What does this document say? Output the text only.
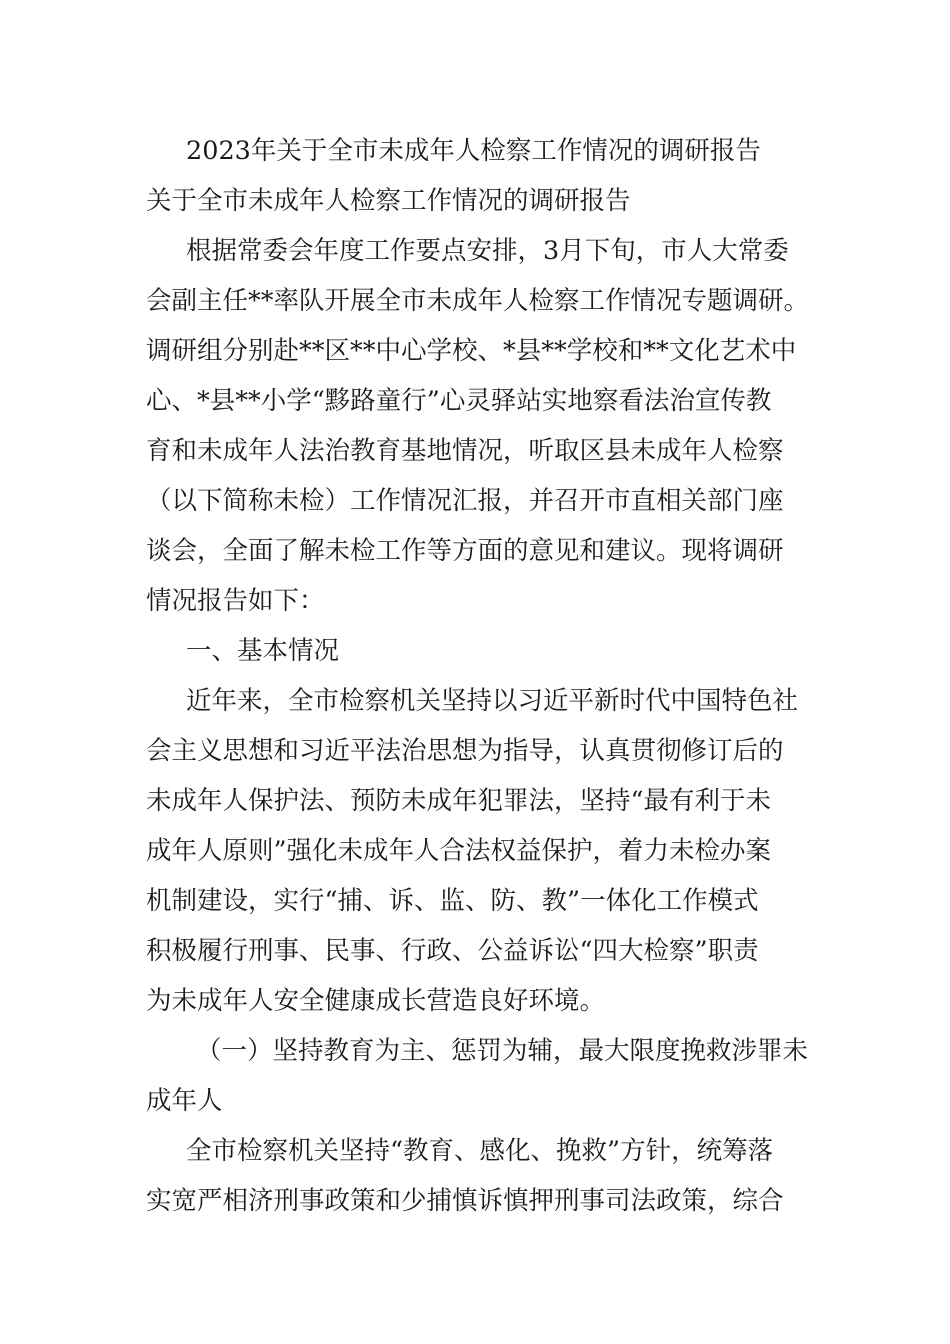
2023年关于全市未成年人检察工作情况的调研报告
关于全市未成年人检察工作情况的调研报告
根据常委会年度工作要点安排，3月下旬，市人大常委
会副主任**率队开展全市未成年人检察工作情况专题调研。
调研组分别赴**区**中心学校、*县**学校和**文化艺术中
心、*县**小学“黟路童行”心灵驿站实地察看法治宣传教
育和未成年人法治教育基地情况，听取区县未成年人检察
（以下简称未检）工作情况汇报，并召开市直相关部门座
谈会，全面了解未检工作等方面的意见和建议。现将调研
情况报告如下：
一、基本情况
近年来，全市检察机关坚持以习近平新时代中国特色社
会主义思想和习近平法治思想为指导，认真贯彻修订后的
未成年人保护法、预防未成年犯罪法，坚持“最有利于未
成年人原则”强化未成年人合法权益保护，着力未检办案
机制建设，实行“捕、诉、监、防、教”一体化工作模式
积极履行刑事、民事、行政、公益诉讼“四大检察”职责
为未成年人安全健康成长营造良好环境。
（一）坚持教育为主、惩罚为辅，最大限度挽救涉罪未
成年人
全市检察机关坚持“教育、感化、挽救”方针，统筹落
实宽严相济刑事政策和少捕慎诉慎押刑事司法政策，综合
